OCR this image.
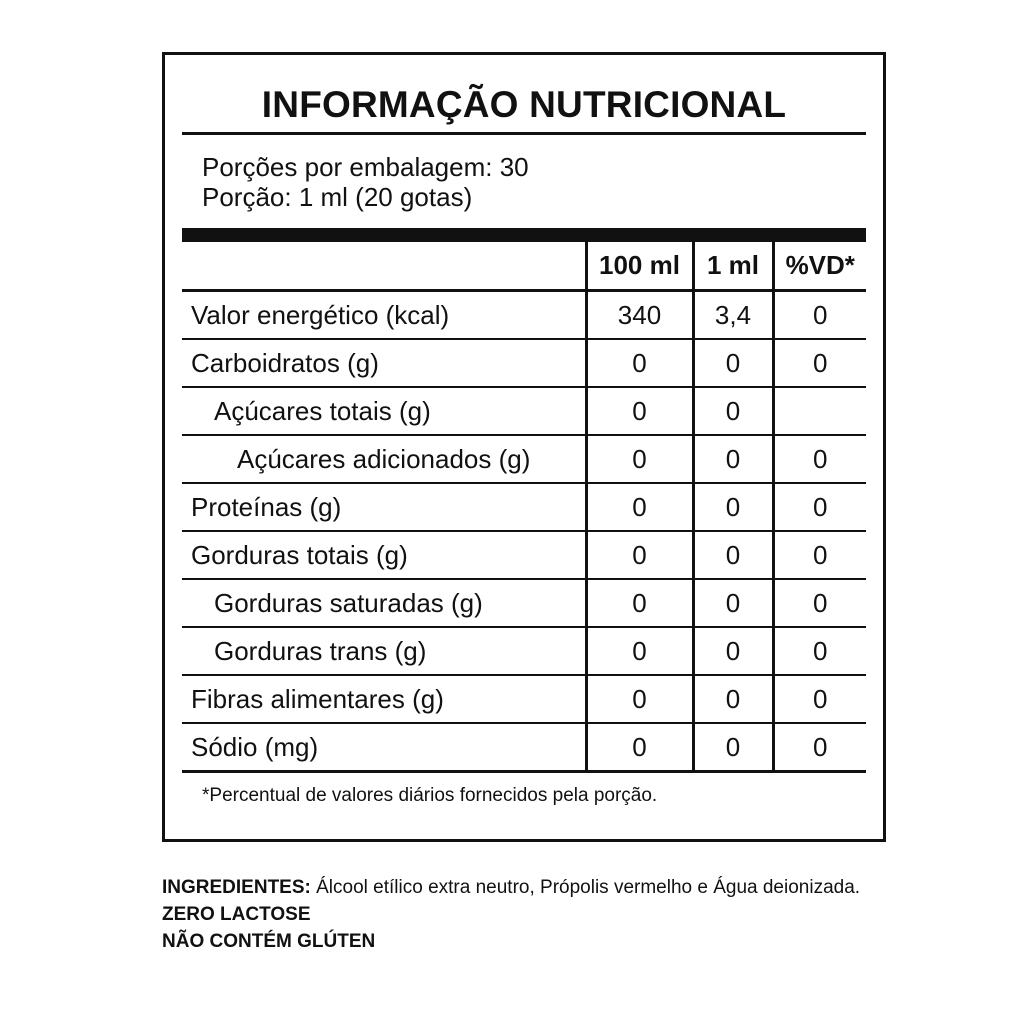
INFORMAÇÃO NUTRICIONAL
Porções por embalagem: 30
Porção: 1 ml (20 gotas)
	100 ml	1 ml	%VD*
Valor energético (kcal)	340	3,4	0
Carboidratos (g)	0	0	0
Açúcares totais (g)	0	0	
Açúcares adicionados (g)	0	0	0
Proteínas (g)	0	0	0
Gorduras totais (g)	0	0	0
Gorduras saturadas (g)	0	0	0
Gorduras trans (g)	0	0	0
Fibras alimentares (g)	0	0	0
Sódio (mg)	0	0	0
*Percentual de valores diários fornecidos pela porção.
INGREDIENTES: Álcool etílico extra neutro, Própolis vermelho e Água deionizada.
ZERO LACTOSE
NÃO CONTÉM GLÚTEN
